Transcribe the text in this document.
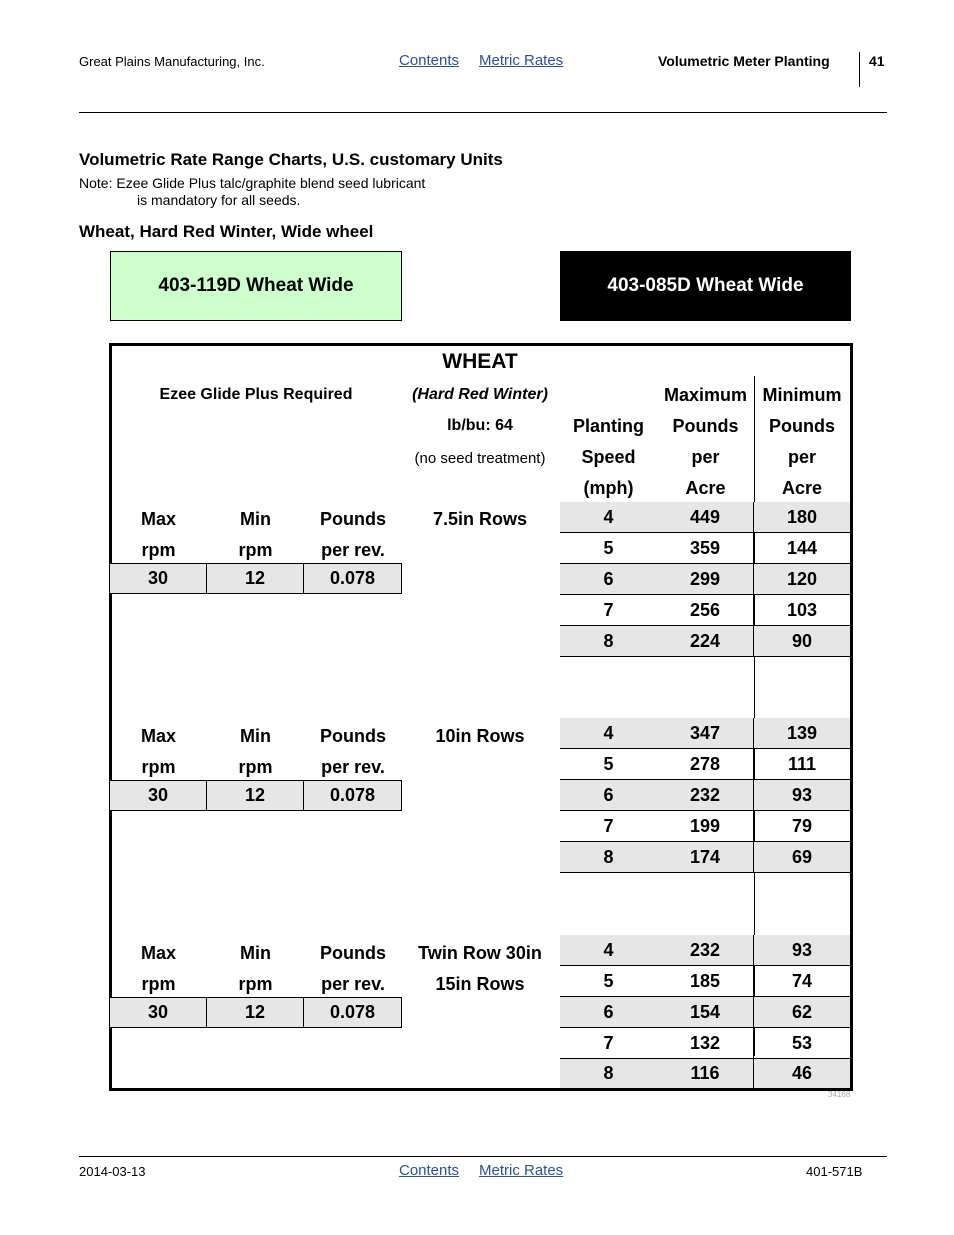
Great Plains Manufacturing, Inc.	Contents Metric Rates	Volumetric Meter Planting	41
Volumetric Rate Range Charts, U.S. customary Units
Note: Ezee Glide Plus talc/graphite blend seed lubricant
is mandatory for all seeds.
Wheat, Hard Red Winter, Wide wheel
403-119D Wheat Wide	403-085D Wheat Wide
WHEAT
Ezee Glide Plus Required	(Hard Red Winter)
lb/bu: 64
(no seed treatment)
Planting
Speed
(mph)
Maximum
Pounds
per
Acre
Minimum
Pounds
per
Acre
Max
rpm
Min
rpm
Pounds
per rev.
7.5in Rows
30	12	0.078
4	449	180
5	359	144
6	299	120
7	256	103
8	224	90
Max
rpm
Min
rpm
Pounds
per rev.
10in Rows
30	12	0.078
4	347	139
5	278	111
6	232	93
7	199	79
8	174	69
Max
rpm
Min
rpm
Pounds
per rev.
Twin Row 30in
15in Rows
30	12	0.078
4	232	93
5	185	74
6	154	62
7	132	53
8	116	46
34168
2014-03-13	Contents Metric Rates	401-571B
